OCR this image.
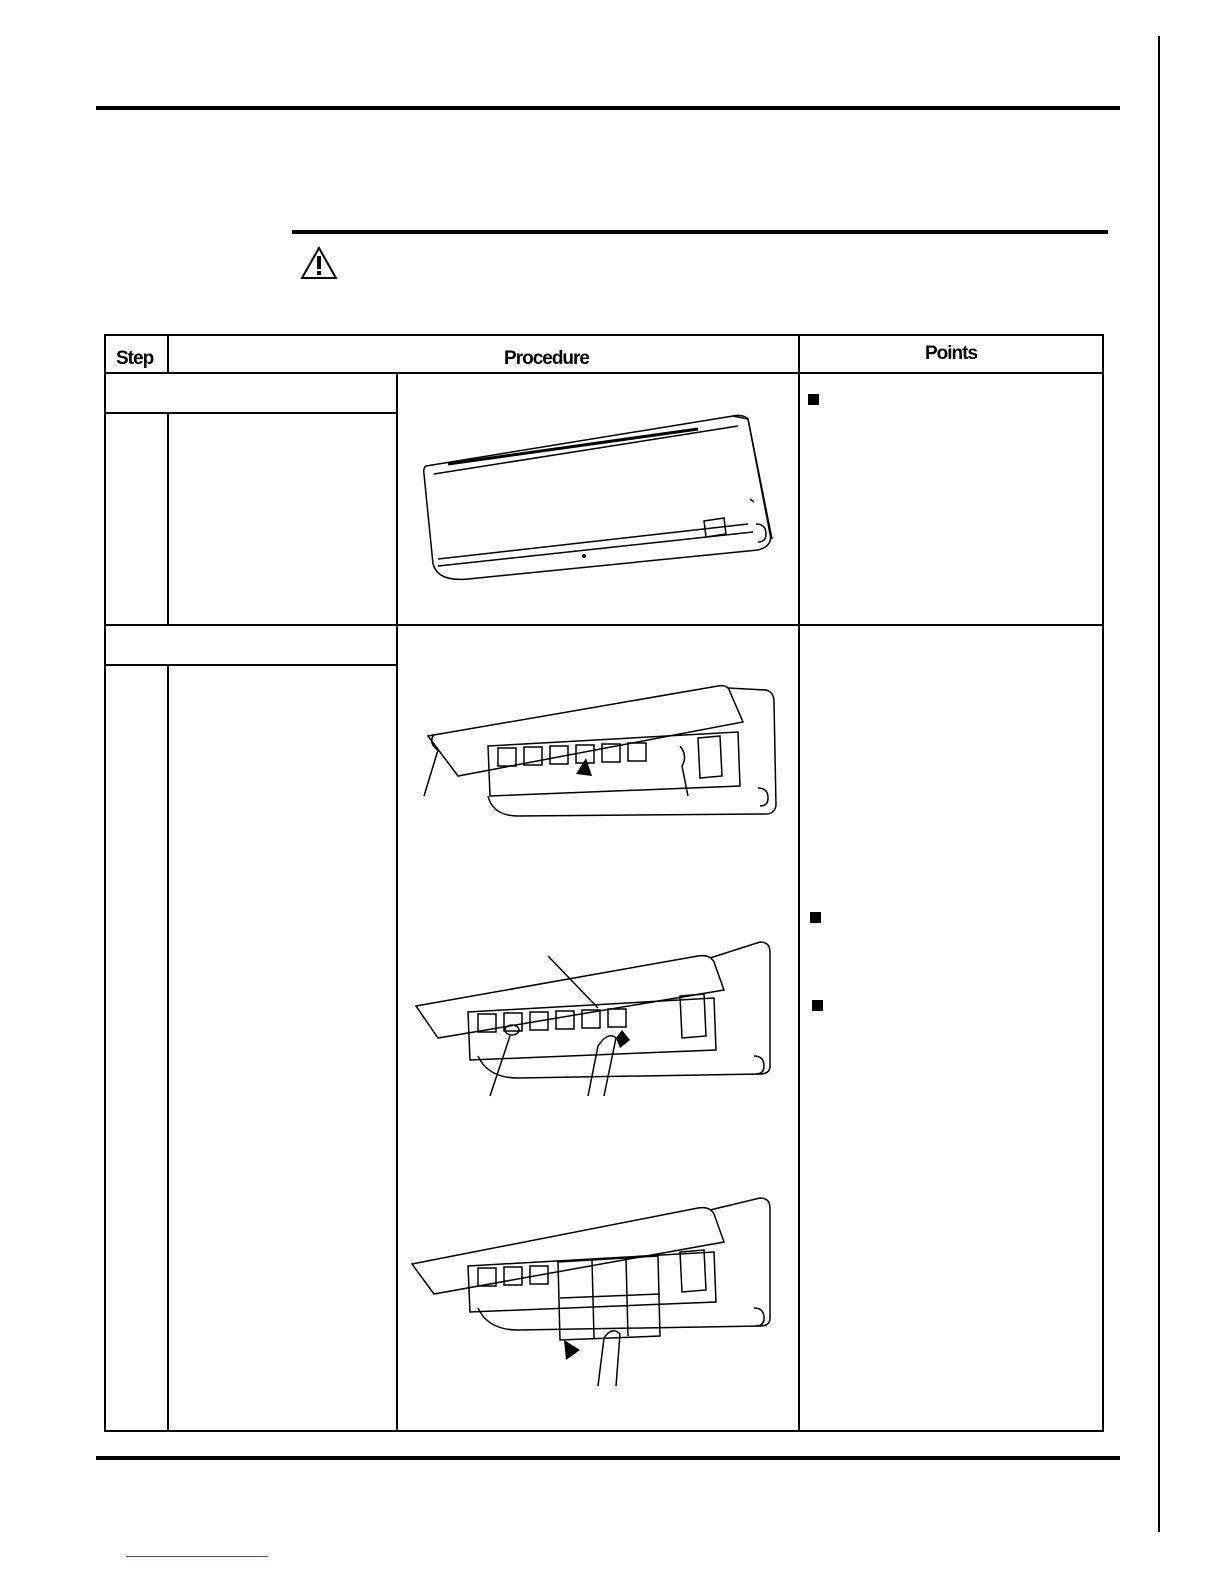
Step	Procedure		Points
